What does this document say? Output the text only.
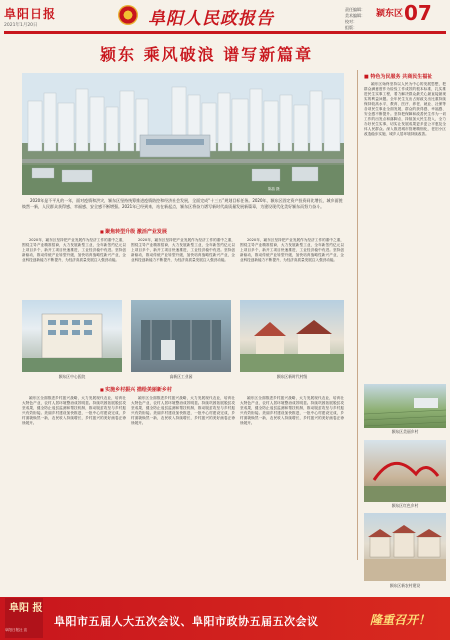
阜阳日报
2021年1月20日	阜阳人民政报告	责任编辑：
美术编辑：
校对：
组版：
颍东区 07
颍东 乘风破浪 谱写新篇章
陈晶 摄
2020年是不平凡的一年，面对疫情和洪灾，颍东区坚持统筹推进疫情防控和经济社会发展，全面完成“十三五”规划目标任务。2020年，颍东区固定资产投资同比增长，城乡面貌焕然一新，人民群众获得感、幸福感、安全感不断增强。2021年已经到来，站在新起点，颍东区将奋力谱写新时代高质量发展新篇章，为建设现代化美好颍东而努力奋斗。
■ 特色为民服务 共商民生福祉
颍东区始终坚持以人民为中心的发展思想，把群众满意度作为检验工作成效的根本标准，扎实推进民生实事工程，着力解决群众最关心最直接最现实的利益问题。全年民生支出占财政支出比重持续保持较高水平，教育、医疗、养老、就业、社保等各项民生事业全面发展，群众的获得感、幸福感、安全感不断提升。坚持把保障和改善民生作为一切工作的出发点和落脚点，持续加大民生投入，全力办好民生实事，切实让发展成果更多更公平惠及全体人民群众。深入推进城市管理精细化，老旧小区改造稳步实施，城乡人居环境持续改善。
■ 聚焦转型升级 激活产业发展
2020年，颍东区坚持把产业发展作为经济工作的重中之重，围绕主导产业精准招商，大力发展新型工业，全年新签约亿元以上项目多个，新开工项目快速推进，工业经济稳中有进。坚持创新驱动，推动传统产业转型升级，加快培育战略性新兴产业，企业科技创新能力不断提升，为经济高质量发展注入强劲动能。
2020年，颍东区坚持把产业发展作为经济工作的重中之重，围绕主导产业精准招商，大力发展新型工业，全年新签约亿元以上项目多个，新开工项目快速推进，工业经济稳中有进。坚持创新驱动，推动传统产业转型升级，加快培育战略性新兴产业，企业科技创新能力不断提升，为经济高质量发展注入强劲动能。
2020年，颍东区坚持把产业发展作为经济工作的重中之重，围绕主导产业精准招商，大力发展新型工业，全年新签约亿元以上项目多个，新开工项目快速推进，工业经济稳中有进。坚持创新驱动，推动传统产业转型升级，加快培育战略性新兴产业，企业科技创新能力不断提升，为经济高质量发展注入强劲动能。
颍东区中心医院	高新区工业园	颍东区新时代村级
■ 实施乡村振兴 描绘美丽新乡村
颍东区全面推进乡村振兴战略，大力发展现代农业，培育壮大特色产业，农村人居环境整治成效明显。持续巩固拓展脱贫攻坚成果，健全防止返贫监测和帮扶机制，推动脱贫攻坚与乡村振兴有效衔接。美丽乡村建设加快推进，一批中心村建设完成，乡村面貌焕然一新，农民收入持续增长，乡村振兴的美好画卷正徐徐展开。
颍东区全面推进乡村振兴战略，大力发展现代农业，培育壮大特色产业，农村人居环境整治成效明显。持续巩固拓展脱贫攻坚成果，健全防止返贫监测和帮扶机制，推动脱贫攻坚与乡村振兴有效衔接。美丽乡村建设加快推进，一批中心村建设完成，乡村面貌焕然一新，农民收入持续增长，乡村振兴的美好画卷正徐徐展开。
颍东区全面推进乡村振兴战略，大力发展现代农业，培育壮大特色产业，农村人居环境整治成效明显。持续巩固拓展脱贫攻坚成果，健全防止返贫监测和帮扶机制，推动脱贫攻坚与乡村振兴有效衔接。美丽乡村建设加快推进，一批中心村建设完成，乡村面貌焕然一新，农民收入持续增长，乡村振兴的美好画卷正徐徐展开。
颍东区美丽乡村
颍东区红色乡村
颍东区新农村建设
阜阳 报
阜阳市五届人大五次会议、阜阳市政协五届五次会议	隆重召开！
阜阳日报社 宣
